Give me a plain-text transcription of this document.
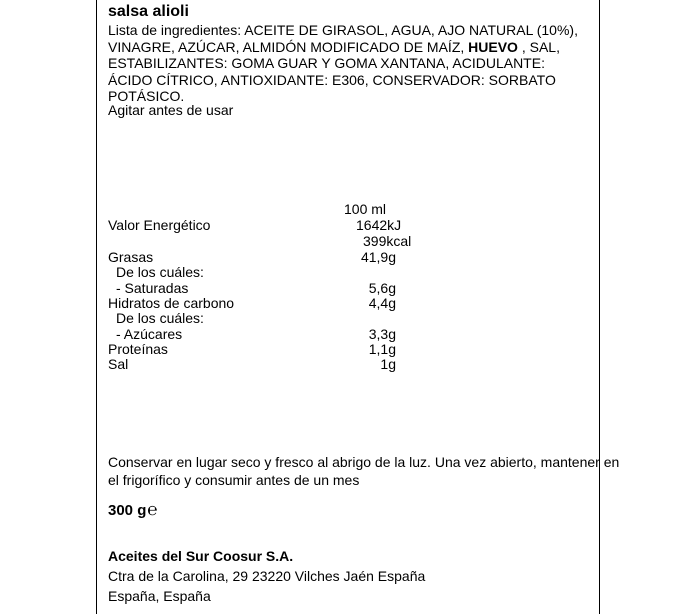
salsa alioli
Lista de ingredientes: ACEITE DE GIRASOL, AGUA, AJO NATURAL (10%), VINAGRE, AZÚCAR, ALMIDÓN MODIFICADO DE MAÍZ, HUEVO , SAL, ESTABILIZANTES: GOMA GUAR Y GOMA XANTANA, ACIDULANTE: ÁCIDO CÍTRICO, ANTIOXIDANTE: E306, CONSERVADOR: SORBATO POTÁSICO.
Agitar antes de usar
100 ml
Valor Energético	1642kJ
399kcal
Grasas	41,9g
De los cuáles:
- Saturadas	5,6g
Hidratos de carbono	4,4g
De los cuáles:
- Azúcares	3,3g
Proteínas	1,1g
Sal	1g
Conservar en lugar seco y fresco al abrigo de la luz. Una vez abierto, mantener en
el frigorífico y consumir antes de un mes
300 g℮
Aceites del Sur Coosur S.A.
Ctra de la Carolina, 29 23220 Vilches Jaén España
España, España
